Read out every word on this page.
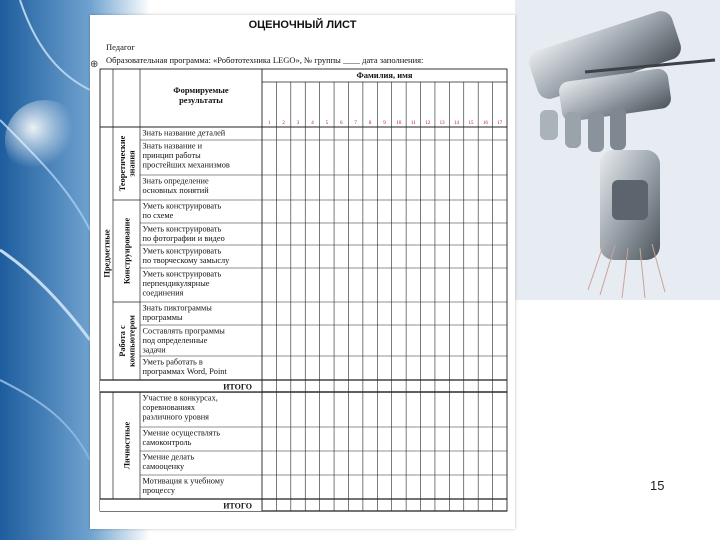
ОЦЕНОЧНЫЙ ЛИСТ
Педагог
⊕ Образовательная программа: «Робототехника LEGO», № группы ____ дата заполнения:
Формируемые
результаты
Фамилия, имя
1 2 3 4 5 6 7 8 9 10 11 12 13 14 15 16 17
Знать название деталей
Знать название и
принцип работы
простейших механизмов
Знать определение
основных понятий
Уметь конструировать
по схеме
Уметь конструировать
по фотографии и видео
Уметь конструировать
по творческому замыслу
Уметь конструировать
перпендикулярные
соединения
Знать пиктограммы
программы
Составлять программы
под определенные
задачи
Уметь работать в
программах Word, Point
ИТОГО
Участие в конкурсах,
соревнованиях
различного уровня
Умение осуществлять
самоконтроль
Умение делать
самооценку
Мотивация к учебному
процессу
ИТОГО
Теоретические знания
Конструирование
Работа с компьютером
Личностные
Предметные
15
